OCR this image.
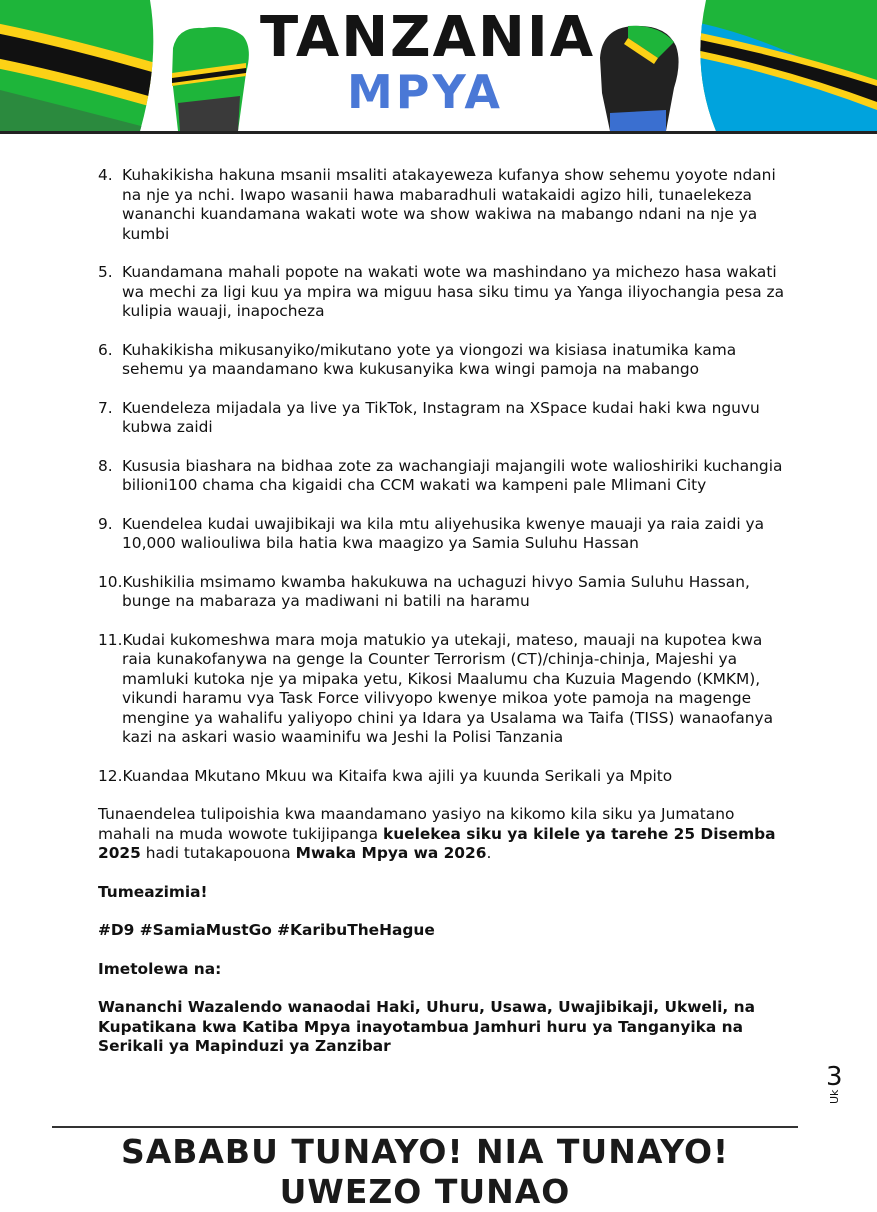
TANZANIA
MPYA
4. Kuhakikisha hakuna msanii msaliti atakayeweza kufanya show sehemu yoyote ndani na nje ya nchi. Iwapo wasanii hawa mabaradhuli watakaidi agizo hili, tunaelekeza wananchi kuandamana wakati wote wa show wakiwa na mabango ndani na nje ya kumbi
5. Kuandamana mahali popote na wakati wote wa mashindano ya michezo hasa wakati wa mechi za ligi kuu ya mpira wa miguu hasa siku timu ya Yanga iliyochangia pesa za kulipia wauaji, inapocheza
6. Kuhakikisha mikusanyiko/mikutano yote ya viongozi wa kisiasa inatumika kama sehemu ya maandamano kwa kukusanyika kwa wingi pamoja na mabango
7. Kuendeleza mijadala ya live ya TikTok, Instagram na XSpace kudai haki kwa nguvu kubwa zaidi
8. Kususia biashara na bidhaa zote za wachangiaji majangili wote walioshiriki kuchangia bilioni100 chama cha kigaidi cha CCM wakati wa kampeni pale Mlimani City
9. Kuendelea kudai uwajibikaji wa kila mtu aliyehusika kwenye mauaji ya raia zaidi ya 10,000 waliouliwa bila hatia kwa maagizo ya Samia Suluhu Hassan
10.Kushikilia msimamo kwamba hakukuwa na uchaguzi hivyo Samia Suluhu Hassan, bunge na mabaraza ya madiwani ni batili na haramu
11.Kudai kukomeshwa mara moja matukio ya utekaji, mateso, mauaji na kupotea kwa raia kunakofanywa na genge la Counter Terrorism (CT)/chinja-chinja, Majeshi ya mamluki kutoka nje ya mipaka yetu, Kikosi Maalumu cha Kuzuia Magendo (KMKM), vikundi haramu vya Task Force vilivyopo kwenye mikoa yote pamoja na magenge mengine ya wahalifu yaliyopo chini ya Idara ya Usalama wa Taifa (TISS) wanaofanya kazi na askari wasio waaminifu wa Jeshi la Polisi Tanzania
12.Kuandaa Mkutano Mkuu wa Kitaifa kwa ajili ya kuunda Serikali ya Mpito

Tunaendelea tulipoishia kwa maandamano yasiyo na kikomo kila siku ya Jumatano mahali na muda wowote tukijipanga kuelekea siku ya kilele ya tarehe 25 Disemba 2025 hadi tutakapouona Mwaka Mpya wa 2026.

Tumeazimia!

#D9 #SamiaMustGo #KaribuTheHague

Imetolewa na:

Wananchi Wazalendo wanaodai Haki, Uhuru, Usawa, Uwajibikaji, Ukweli, na Kupatikana kwa Katiba Mpya inayotambua Jamhuri huru ya Tanganyika na Serikali ya Mapinduzi ya Zanzibar

3
Uk
SABABU TUNAYO! NIA TUNAYO! UWEZO TUNAO
